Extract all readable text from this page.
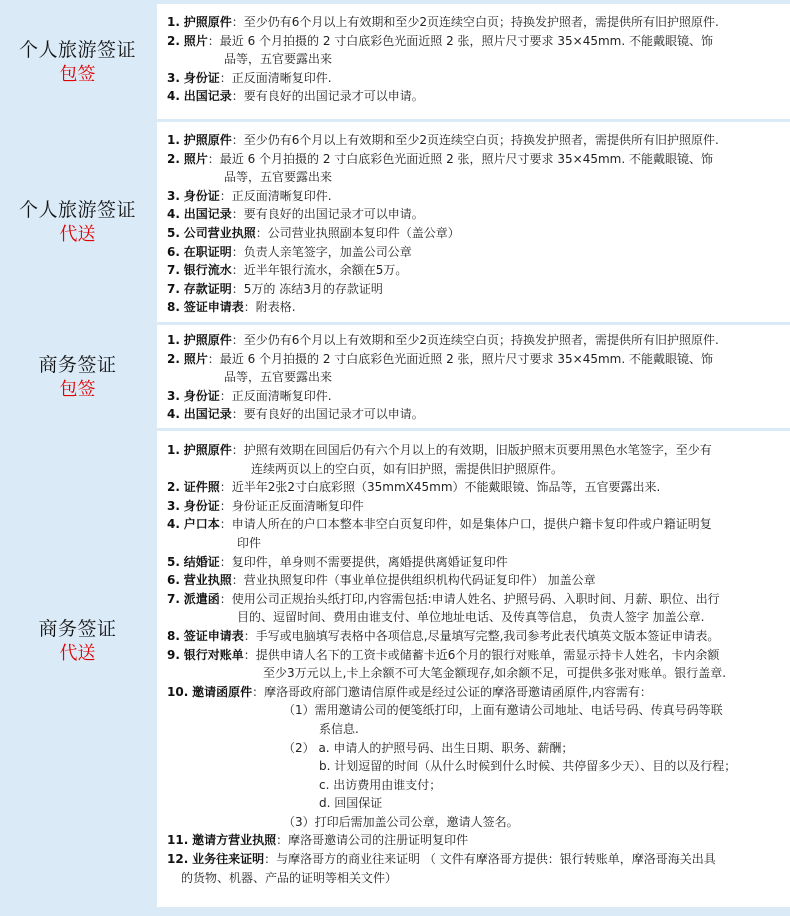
个人旅游签证
包签
1. 护照原件：至少仍有6个月以上有效期和至少2页连续空白页；持换发护照者，需提供所有旧护照原件.
2. 照片：最近 6 个月拍摄的 2 寸白底彩色光面近照 2 张，照片尺寸要求 35×45mm. 不能戴眼镜、饰
品等，五官要露出来
3. 身份证：正反面清晰复印件.
4. 出国记录：要有良好的出国记录才可以申请。
个人旅游签证
代送
1. 护照原件：至少仍有6个月以上有效期和至少2页连续空白页；持换发护照者，需提供所有旧护照原件.
2. 照片：最近 6 个月拍摄的 2 寸白底彩色光面近照 2 张，照片尺寸要求 35×45mm. 不能戴眼镜、饰
品等，五官要露出来
3. 身份证：正反面清晰复印件.
4. 出国记录：要有良好的出国记录才可以申请。
5. 公司营业执照：公司营业执照副本复印件（盖公章）
6. 在职证明：负责人亲笔签字，加盖公司公章
7. 银行流水：近半年银行流水，余额在5万。
7. 存款证明：5万的 冻结3月的存款证明
8. 签证申请表：附表格.
商务签证
包签
1. 护照原件：至少仍有6个月以上有效期和至少2页连续空白页；持换发护照者，需提供所有旧护照原件.
2. 照片：最近 6 个月拍摄的 2 寸白底彩色光面近照 2 张，照片尺寸要求 35×45mm. 不能戴眼镜、饰
品等，五官要露出来
3. 身份证：正反面清晰复印件.
4. 出国记录：要有良好的出国记录才可以申请。
商务签证
代送
1. 护照原件：护照有效期在回国后仍有六个月以上的有效期，旧版护照末页要用黑色水笔签字，至少有
连续两页以上的空白页，如有旧护照，需提供旧护照原件。
2. 证件照：近半年2张2寸白底彩照（35mmX45mm）不能戴眼镜、饰品等，五官要露出来.
3. 身份证：身份证正反面清晰复印件
4. 户口本：申请人所在的户口本整本非空白页复印件，如是集体户口，提供户籍卡复印件或户籍证明复
印件
5. 结婚证：复印件，单身则不需要提供，离婚提供离婚证复印件
6. 营业执照：营业执照复印件（事业单位提供组织机构代码证复印件） 加盖公章
7. 派遣函：使用公司正规抬头纸打印,内容需包括:申请人姓名、护照号码、入职时间、月薪、职位、出行
目的、逗留时间、费用由谁支付、单位地址电话、及传真等信息， 负责人签字 加盖公章.
8. 签证申请表：手写或电脑填写表格中各项信息,尽量填写完整,我司参考此表代填英文版本签证申请表。
9. 银行对账单：提供申请人名下的工资卡或储蓄卡近6个月的银行对账单，需显示持卡人姓名，卡内余额
至少3万元以上,卡上余额不可大笔金额现存,如余额不足，可提供多张对账单。银行盖章.
10. 邀请函原件：摩洛哥政府部门邀请信原件或是经过公证的摩洛哥邀请函原件,内容需有：
（1）需用邀请公司的便笺纸打印，上面有邀请公司地址、电话号码、传真号码等联
系信息.
（2） a. 申请人的护照号码、出生日期、职务、薪酬；
b. 计划逗留的时间（从什么时候到什么时候、共停留多少天）、目的以及行程；
c. 出访费用由谁支付；
d. 回国保证
（3）打印后需加盖公司公章，邀请人签名。
11. 邀请方营业执照：摩洛哥邀请公司的注册证明复印件
12. 业务往来证明：与摩洛哥方的商业往来证明 （ 文件有摩洛哥方提供：银行转账单，摩洛哥海关出具
的货物、机器、产品的证明等相关文件）
